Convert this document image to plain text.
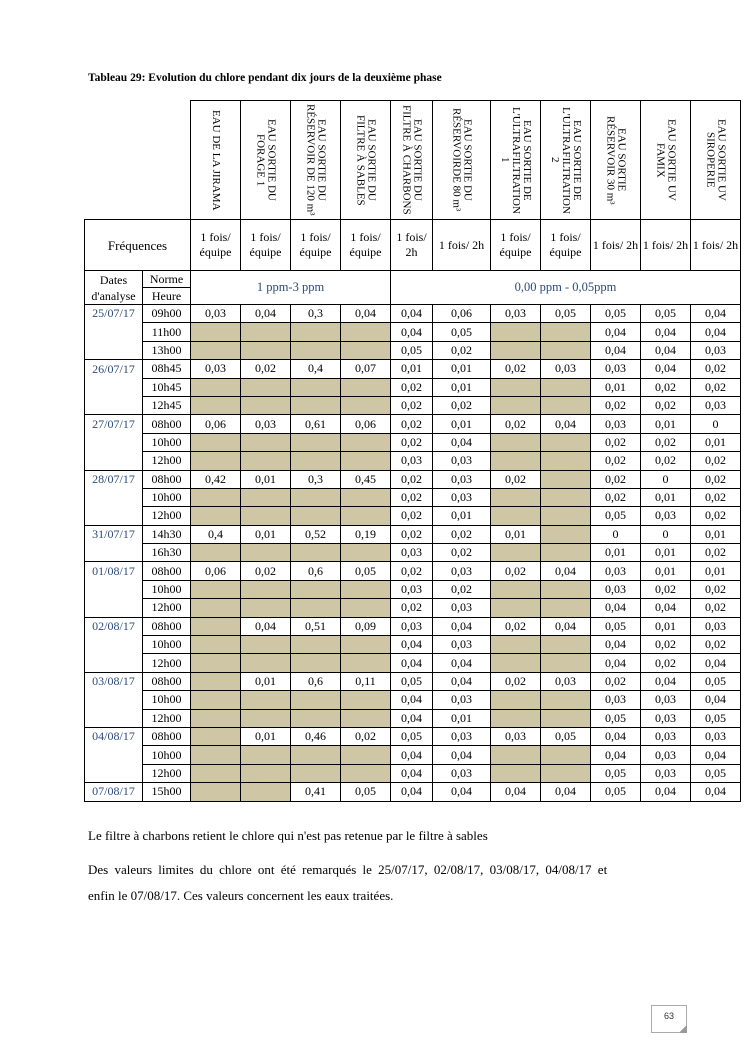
Tableau 29: Evolution du chlore pendant dix jours de la deuxième phase

		EAU DE LA JIRAMA	EAU SORTIE DU FORAGE 1	EAU SORTIE DU RÉSERVOIR DE 120 m³	EAU SORTIE DU FILTRE À SABLES	EAU SORTIE DU FILTRE À CHARBONS	EAU SORTIE DU RÉSERVOIRDE 80 m³	EAU SORTIE DE L'ULTRAFILTRATION 1	EAU SORTIE DE L'ULTRAFILTRATION 2	EAU SORTIE RÉSERVOIR 30 m³	EAU SORTIE UV FAMIX	EAU SORTIE UV SIROPERIE

Fréquences		1 fois/ équipe	1 fois/ équipe	1 fois/ équipe	1 fois/ équipe	1 fois/ 2h	1 fois/ 2h	1 fois/ équipe	1 fois/ équipe	1 fois/ 2h	1 fois/ 2h	1 fois/ 2h

Dates
d'analyse	Norme	1 ppm-3 ppm				0,00 ppm - 0,05ppm						
	Heure											
25/07/17	09h00	0,03	0,04	0,3	0,04	0,04	0,06	0,03	0,05	0,05	0,05	0,04
	11h00					0,04	0,05			0,04	0,04	0,04
	13h00					0,05	0,02			0,04	0,04	0,03
26/07/17	08h45	0,03	0,02	0,4	0,07	0,01	0,01	0,02	0,03	0,03	0,04	0,02
	10h45					0,02	0,01			0,01	0,02	0,02
	12h45					0,02	0,02			0,02	0,02	0,03
27/07/17	08h00	0,06	0,03	0,61	0,06	0,02	0,01	0,02	0,04	0,03	0,01	0
	10h00					0,02	0,04			0,02	0,02	0,01
	12h00					0,03	0,03			0,02	0,02	0,02
28/07/17	08h00	0,42	0,01	0,3	0,45	0,02	0,03	0,02		0,02	0	0,02
	10h00					0,02	0,03			0,02	0,01	0,02
	12h00					0,02	0,01			0,05	0,03	0,02
31/07/17	14h30	0,4	0,01	0,52	0,19	0,02	0,02	0,01		0	0	0,01
	16h30					0,03	0,02			0,01	0,01	0,02
01/08/17	08h00	0,06	0,02	0,6	0,05	0,02	0,03	0,02	0,04	0,03	0,01	0,01
	10h00					0,03	0,02			0,03	0,02	0,02
	12h00					0,02	0,03			0,04	0,04	0,02
02/08/17	08h00		0,04	0,51	0,09	0,03	0,04	0,02	0,04	0,05	0,01	0,03
	10h00					0,04	0,03			0,04	0,02	0,02
	12h00					0,04	0,04			0,04	0,02	0,04
03/08/17	08h00		0,01	0,6	0,11	0,05	0,04	0,02	0,03	0,02	0,04	0,05
	10h00					0,04	0,03			0,03	0,03	0,04
	12h00					0,04	0,01			0,05	0,03	0,05
04/08/17	08h00		0,01	0,46	0,02	0,05	0,03	0,03	0,05	0,04	0,03	0,03
	10h00					0,04	0,04			0,04	0,03	0,04
	12h00					0,04	0,03			0,05	0,03	0,05
07/08/17	15h00			0,41	0,05	0,04	0,04	0,04	0,04	0,05	0,04	0,04
Le filtre à charbons retient le chlore qui n'est pas retenue par le filtre à sables
Des valeurs limites du chlore ont été remarqués le 25/07/17, 02/08/17, 03/08/17, 04/08/17 et
enfin le 07/08/17. Ces valeurs concernent les eaux traitées.
63
